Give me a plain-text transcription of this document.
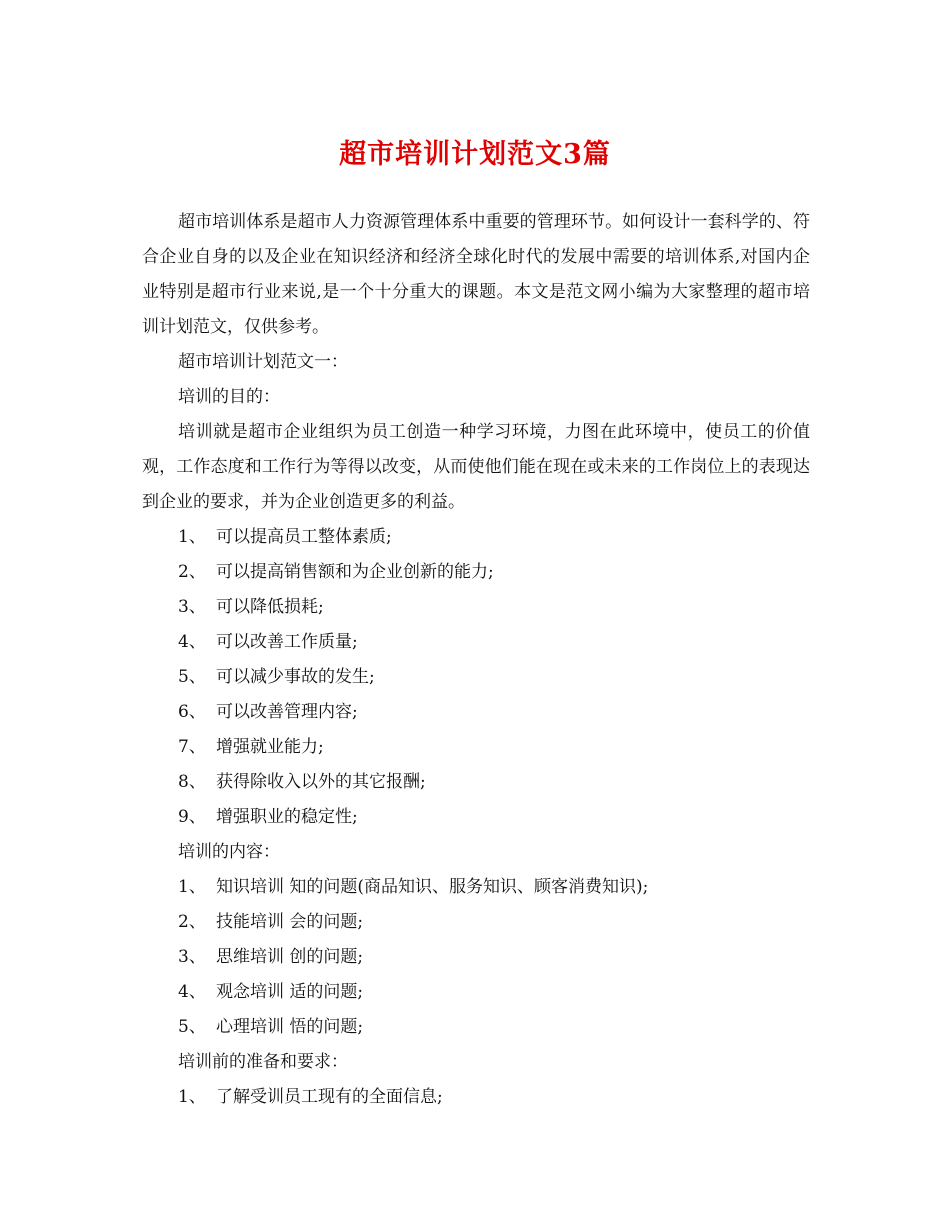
超市培训计划范文3篇

超市培训体系是超市人力资源管理体系中重要的管理环节。如何设计一套科学的、符合企业自身的以及企业在知识经济和经济全球化时代的发展中需要的培训体系,对国内企业特别是超市行业来说,是一个十分重大的课题。本文是范文网小编为大家整理的超市培训计划范文，仅供参考。

超市培训计划范文一：

培训的目的：

培训就是超市企业组织为员工创造一种学习环境，力图在此环境中，使员工的价值观，工作态度和工作行为等得以改变，从而使他们能在现在或未来的工作岗位上的表现达到企业的要求，并为企业创造更多的利益。

1、 可以提高员工整体素质;

2、 可以提高销售额和为企业创新的能力;

3、 可以降低损耗;

4、 可以改善工作质量;

5、 可以减少事故的发生;

6、 可以改善管理内容;

7、 增强就业能力;

8、 获得除收入以外的其它报酬;

9、 增强职业的稳定性;

培训的内容：

1、 知识培训 知的问题(商品知识、服务知识、顾客消费知识);

2、 技能培训 会的问题;

3、 思维培训 创的问题;

4、 观念培训 适的问题;

5、 心理培训 悟的问题;

培训前的准备和要求：

1、 了解受训员工现有的全面信息;
